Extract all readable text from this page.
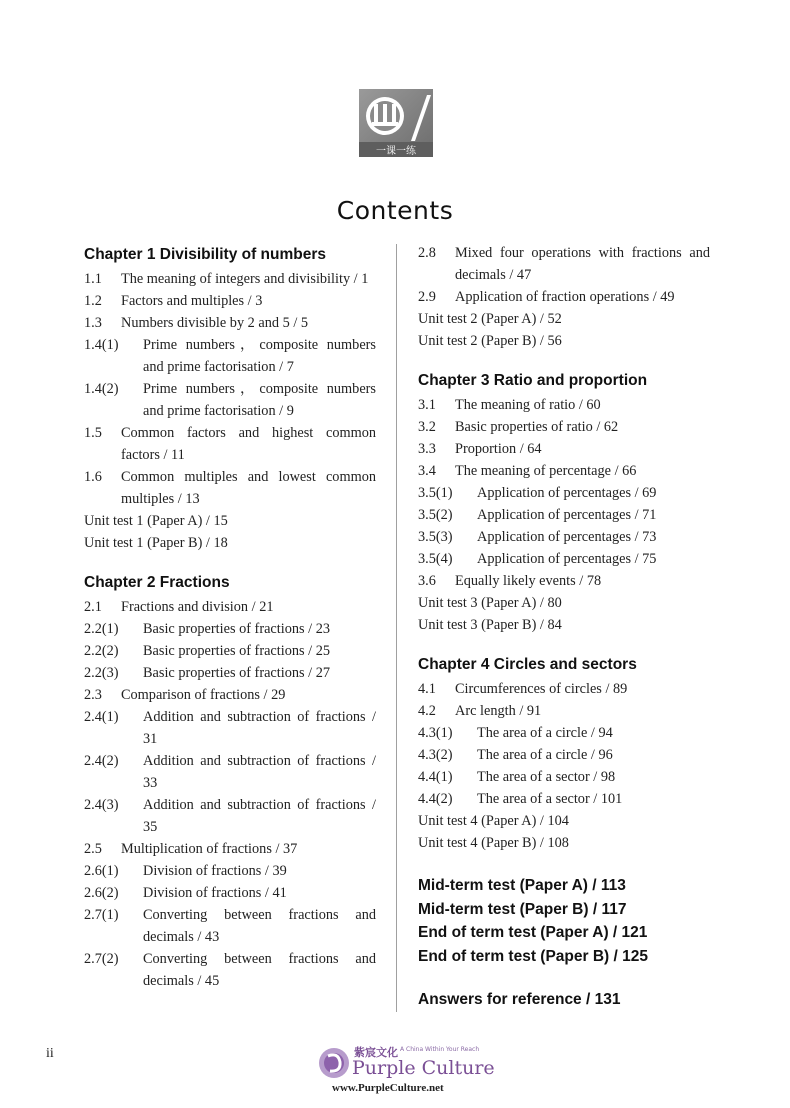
一课一练
Contents
Chapter 1 Divisibility of numbers
1.1	The meaning of integers and divisibility / 1
1.2	Factors and multiples / 3
1.3	Numbers divisible by 2 and 5 / 5
1.4(1)	Prime numbers，composite numbers and prime factorisation / 7
1.4(2)	Prime numbers，composite numbers and prime factorisation / 9
1.5	Common factors and highest common factors / 11
1.6	Common multiples and lowest common multiples / 13
Unit test 1 (Paper A) / 15
Unit test 1 (Paper B) / 18
Chapter 2 Fractions
2.1	Fractions and division / 21
2.2(1)	Basic properties of fractions / 23
2.2(2)	Basic properties of fractions / 25
2.2(3)	Basic properties of fractions / 27
2.3	Comparison of fractions / 29
2.4(1)	Addition and subtraction of fractions / 31
2.4(2)	Addition and subtraction of fractions / 33
2.4(3)	Addition and subtraction of fractions / 35
2.5	Multiplication of fractions / 37
2.6(1)	Division of fractions / 39
2.6(2)	Division of fractions / 41
2.7(1)	Converting between fractions and decimals / 43
2.7(2)	Converting between fractions and decimals / 45
2.8	Mixed four operations with fractions and decimals / 47
2.9	Application of fraction operations / 49
Unit test 2 (Paper A) / 52
Unit test 2 (Paper B) / 56
Chapter 3 Ratio and proportion
3.1	The meaning of ratio / 60
3.2	Basic properties of ratio / 62
3.3	Proportion / 64
3.4	The meaning of percentage / 66
3.5(1)	Application of percentages / 69
3.5(2)	Application of percentages / 71
3.5(3)	Application of percentages / 73
3.5(4)	Application of percentages / 75
3.6	Equally likely events / 78
Unit test 3 (Paper A) / 80
Unit test 3 (Paper B) / 84
Chapter 4 Circles and sectors
4.1	Circumferences of circles / 89
4.2	Arc length / 91
4.3(1)	The area of a circle / 94
4.3(2)	The area of a circle / 96
4.4(1)	The area of a sector / 98
4.4(2)	The area of a sector / 101
Unit test 4 (Paper A) / 104
Unit test 4 (Paper B) / 108
Mid-term test (Paper A) / 113
Mid-term test (Paper B) / 117
End of term test (Paper A) / 121
End of term test (Paper B) / 125
Answers for reference / 131
ii	紫宸文化 A China Within Your Reach
Purple Culture
www.PurpleCulture.net
